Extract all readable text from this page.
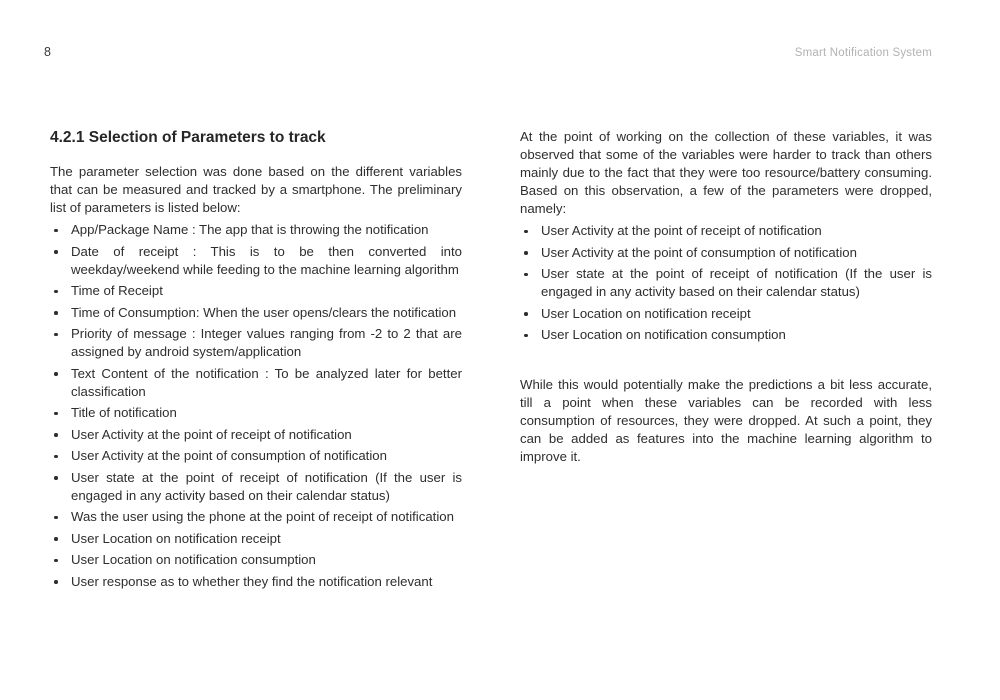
8	Smart Notification System
4.2.1 Selection of Parameters to track

The parameter selection was done based on the different variables that can be measured and tracked by a smartphone. The preliminary list of parameters is listed below:

App/Package Name : The app that is throwing the notification
Date of receipt : This is to be then converted into weekday/weekend while feeding to the machine learning algorithm
Time of Receipt
Time of Consumption: When the user opens/clears the notification
Priority of message : Integer values ranging from -2 to 2 that are assigned by android system/application
Text Content of the notification : To be analyzed later for better classification
Title of notification
User Activity at the point of receipt of notification
User Activity at the point of consumption of notification
User state at the point of receipt of notification (If the user is engaged in any activity based on their calendar status)
Was the user using the phone at the point of receipt of notification
User Location on notification receipt
User Location on notification consumption
User response as to whether they find the notification relevant

At the point of working on the collection of these variables, it was observed that some of the variables were harder to track than others mainly due to the fact that they were too resource/battery consuming. Based on this observation, a few of the parameters were dropped, namely:

User Activity at the point of receipt of notification
User Activity at the point of consumption of notification
User state at the point of receipt of notification (If the user is engaged in any activity based on their calendar status)
User Location on notification receipt
User Location on notification consumption

While this would potentially make the predictions a bit less accurate, till a point when these variables can be recorded with less consumption of resources, they were dropped. At such a point, they can be added as features into the machine learning algorithm to improve it.
